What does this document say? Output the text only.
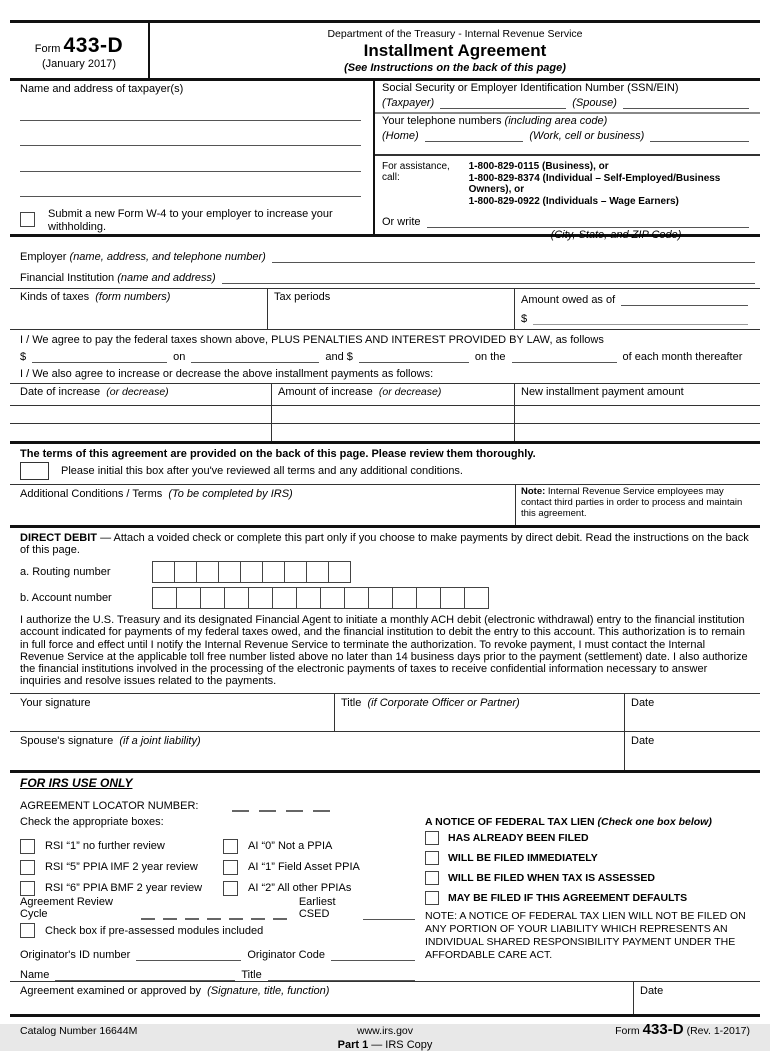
Form 433-D
(January 2017)
Department of the Treasury - Internal Revenue Service
Installment Agreement
(See Instructions on the back of this page)
Name and address of taxpayer(s)
Submit a new Form W-4 to your employer to increase your withholding.
Social Security or Employer Identification Number (SSN/EIN)
(Taxpayer)	(Spouse)
Your telephone numbers (including area code)
(Home)	(Work, cell or business)
For assistance, call:
1-800-829-0115 (Business), or
1-800-829-8374 (Individual – Self-Employed/Business Owners), or
1-800-829-0922 (Individuals – Wage Earners)
Or write
(City, State, and ZIP Code)
Employer
(name, address, and telephone number)
Financial Institution
(name and address)
Kinds of taxes (form numbers)	Tax periods	Amount owed as of
$
I / We agree to pay the federal taxes shown above, PLUS PENALTIES AND INTEREST PROVIDED BY LAW, as follows
$	on	and $	on the	of each month thereafter
I / We also agree to increase or decrease the above installment payments as follows:
Date of increase (or decrease)	Amount of increase (or decrease)	New installment payment amount
The terms of this agreement are provided on the back of this page. Please review them thoroughly.
Please initial this box after you've reviewed all terms and any additional conditions.
Additional Conditions / Terms (To be completed by IRS)	Note: Internal Revenue Service employees may contact third parties in order to process and maintain this agreement.
DIRECT DEBIT — Attach a voided check or complete this part only if you choose to make payments by direct debit. Read the instructions on the back of this page.
a. Routing number
b. Account number
I authorize the U.S. Treasury and its designated Financial Agent to initiate a monthly ACH debit (electronic withdrawal) entry to the financial institution account indicated for payments of my federal taxes owed, and the financial institution to debit the entry to this account. This authorization is to remain in full force and effect until I notify the Internal Revenue Service to terminate the authorization. To revoke payment, I must contact the Internal Revenue Service at the applicable toll free number listed above no later than 14 business days prior to the payment (settlement) date. I also authorize the financial institutions involved in the processing of the electronic payments of taxes to receive confidential information necessary to answer inquiries and resolve issues related to the payments.
Your signature	Title (if Corporate Officer or Partner)	Date
Spouse's signature (if a joint liability)	Date
FOR IRS USE ONLY
AGREEMENT LOCATOR NUMBER:
Check the appropriate boxes:
RSI “1” no further review	AI “0” Not a PPIA
RSI “5” PPIA IMF 2 year review	AI “1” Field Asset PPIA
RSI “6” PPIA BMF 2 year review	AI “2” All other PPIAs
Agreement Review Cycle
Earliest CSED
Check box if pre-assessed modules included
Originator's ID number	Originator Code
Name	Title
A NOTICE OF FEDERAL TAX LIEN (Check one box below)
HAS ALREADY BEEN FILED
WILL BE FILED IMMEDIATELY
WILL BE FILED WHEN TAX IS ASSESSED
MAY BE FILED IF THIS AGREEMENT DEFAULTS
NOTE: A NOTICE OF FEDERAL TAX LIEN WILL NOT BE FILED ON ANY PORTION OF YOUR LIABILITY WHICH REPRESENTS AN INDIVIDUAL SHARED RESPONSIBILITY PAYMENT UNDER THE AFFORDABLE CARE ACT.
Agreement examined or approved by (Signature, title, function)	Date
Catalog Number 16644M	www.irs.gov	Form 433-D (Rev. 1-2017)
Part 1 — IRS Copy
